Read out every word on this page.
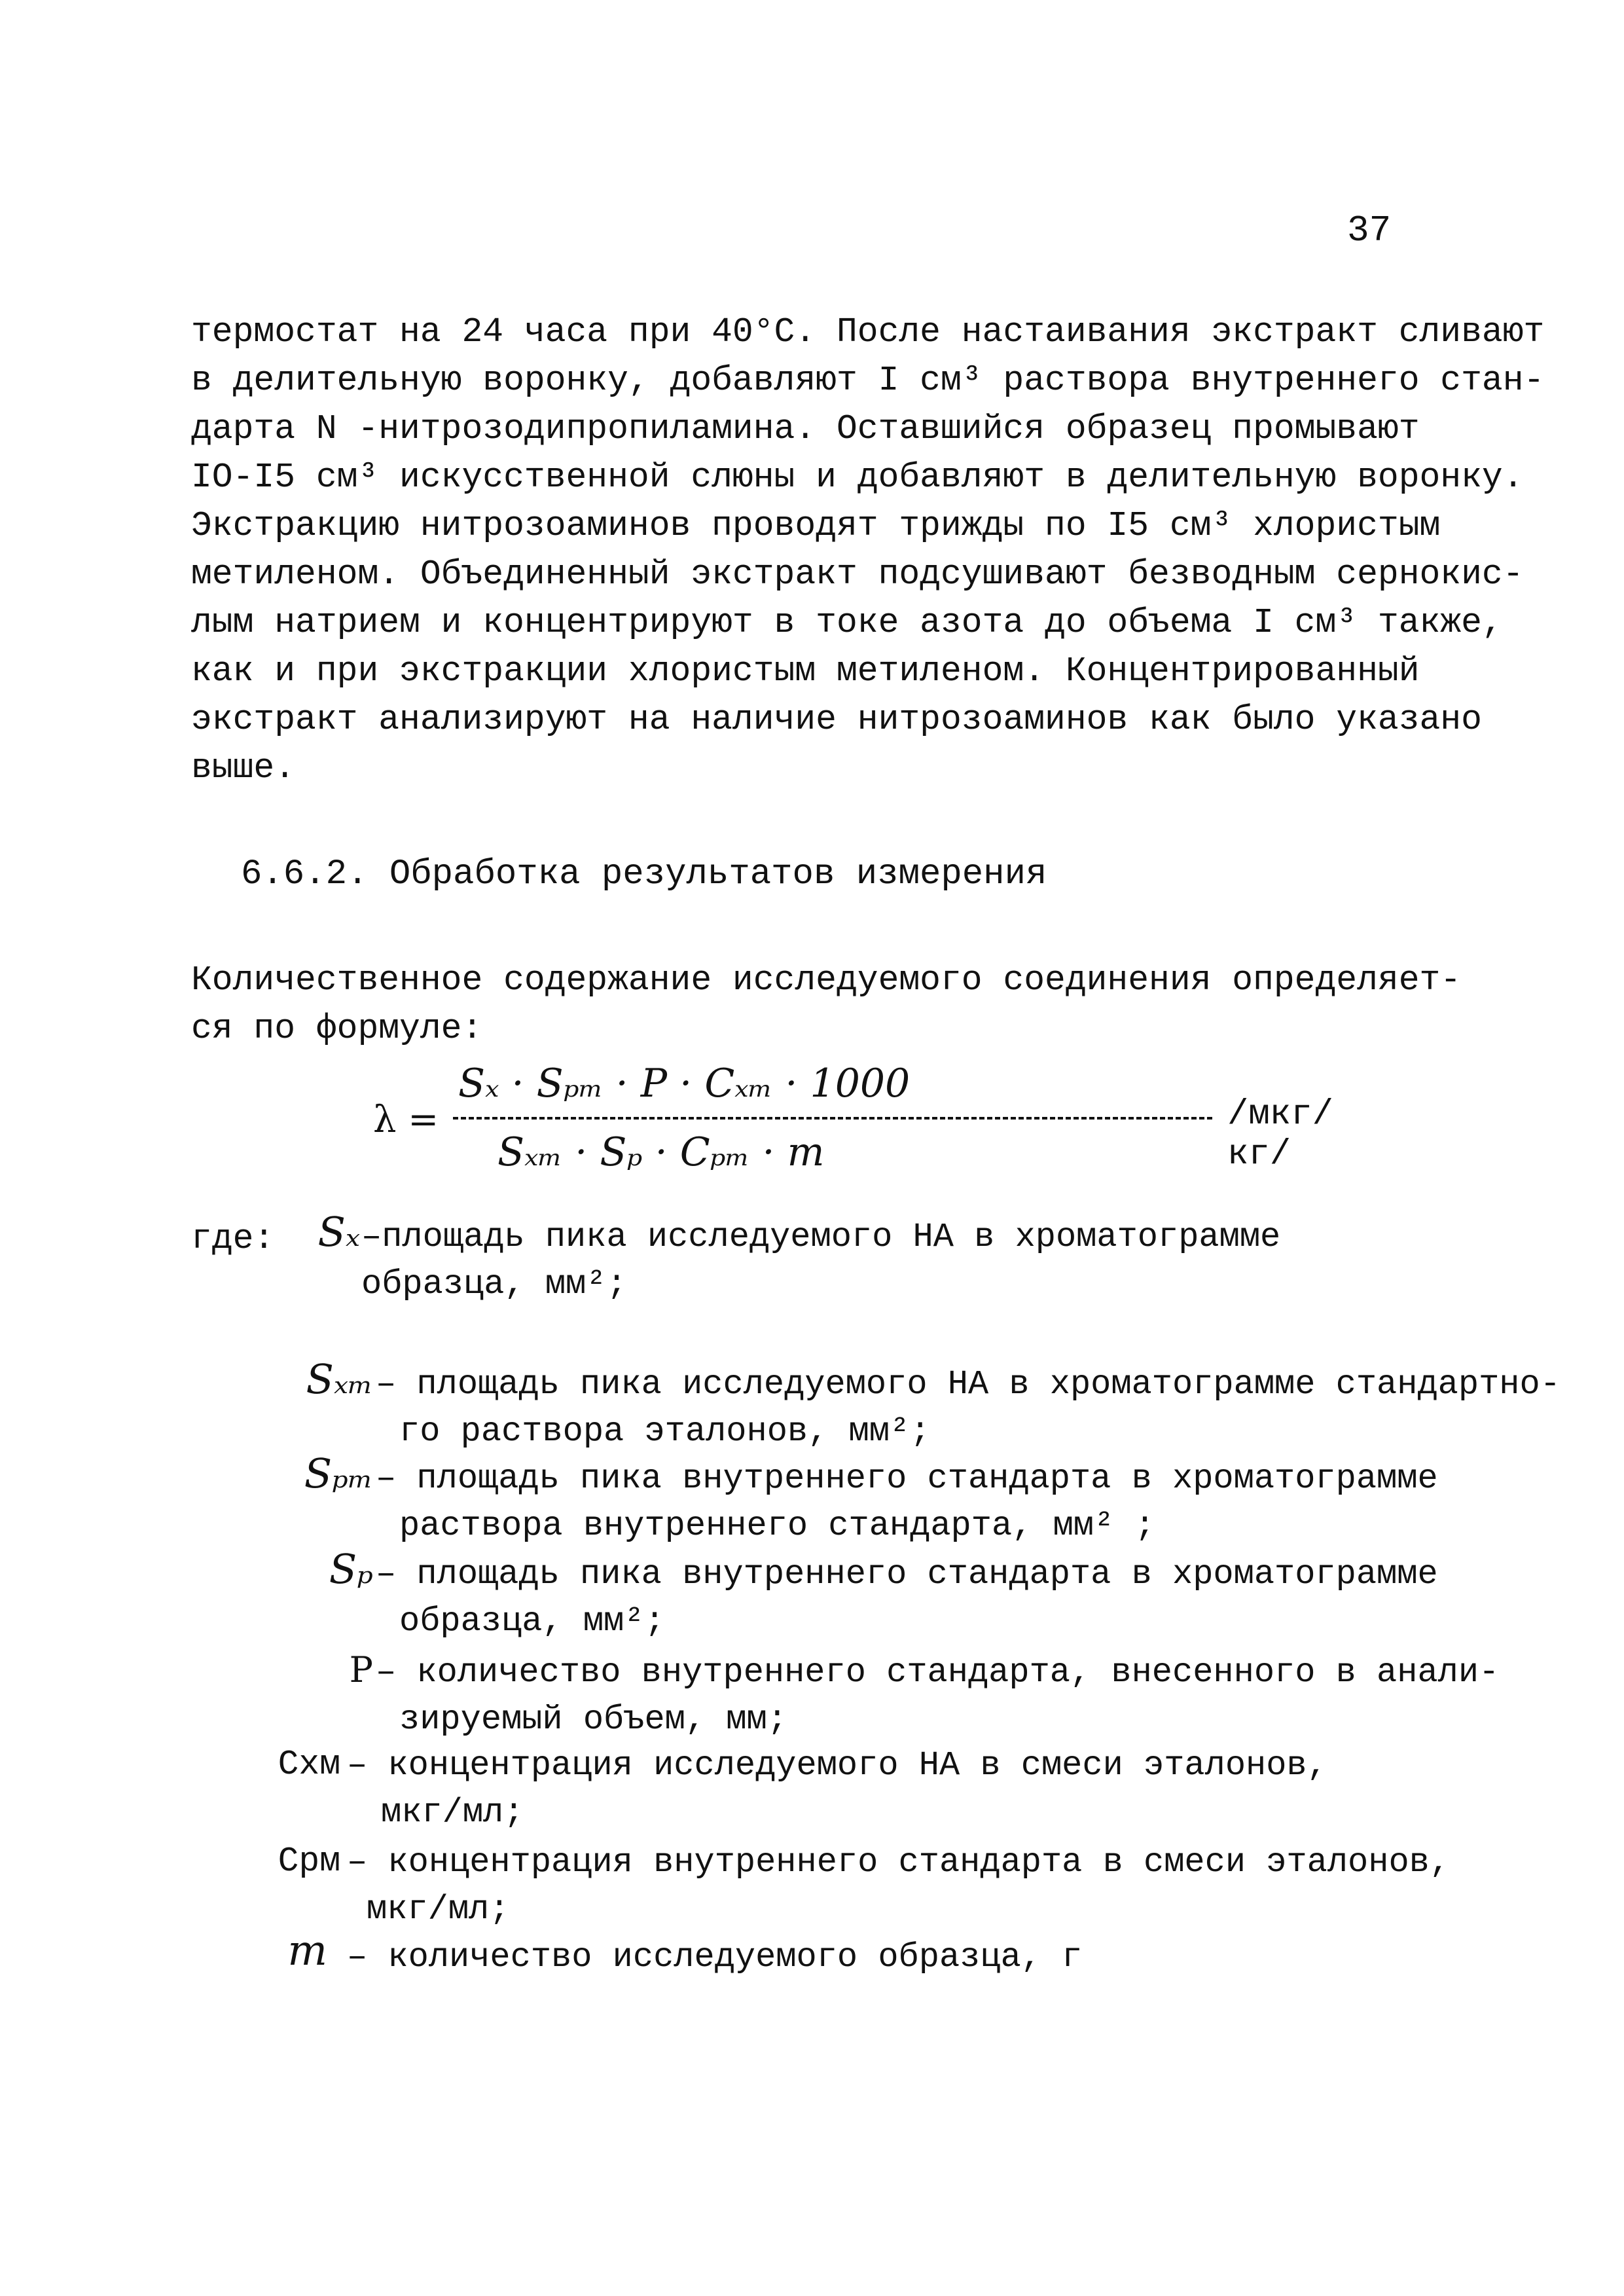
37

термостат на 24 часа при 40°С. После настаивания экстракт сливают

в делительную воронку, добавляют I см³ раствора внутреннего стан-

дарта N -нитрозодипропиламина. Оставшийся образец промывают

IO-I5 см³ искусственной слюны и добавляют в делительную воронку.

Экстракцию нитрозоаминов проводят трижды по I5 см³ хлористым

метиленом. Объединенный экстракт подсушивают безводным сернокис-

лым натрием и концентрируют в токе азота до объема I см³ также,

как и при экстракции хлористым метиленом. Концентрированный

экстракт анализируют на наличие нитрозоаминов как было указано

выше.

6.6.2. Обработка результатов измерения

Количественное содержание исследуемого соединения определяет-

ся по формуле:

λ =
Sₓ · Sₚₘ · P · Cₓₘ · 1000
Sₓₘ · Sₚ · Cₚₘ · m
/мкг/кг/
где:	Sₓ –площадь пика исследуемого НА в хроматограмме
образца, мм²;
Sₓₘ – площадь пика исследуемого НА в хроматограмме стандартно-
го раствора эталонов, мм²;
Sₚₘ – площадь пика внутреннего стандарта в хроматограмме
раствора внутреннего стандарта, мм² ;
Sₚ – площадь пика внутреннего стандарта в хроматограмме
образца, мм²;
Р – количество внутреннего стандарта, внесенного в анали-
зируемый объем, мм;
Схм – концентрация исследуемого НА в смеси эталонов,
мкг/мл;
Срм – концентрация внутреннего стандарта в смеси эталонов,
мкг/мл;
m – количество исследуемого образца, г
